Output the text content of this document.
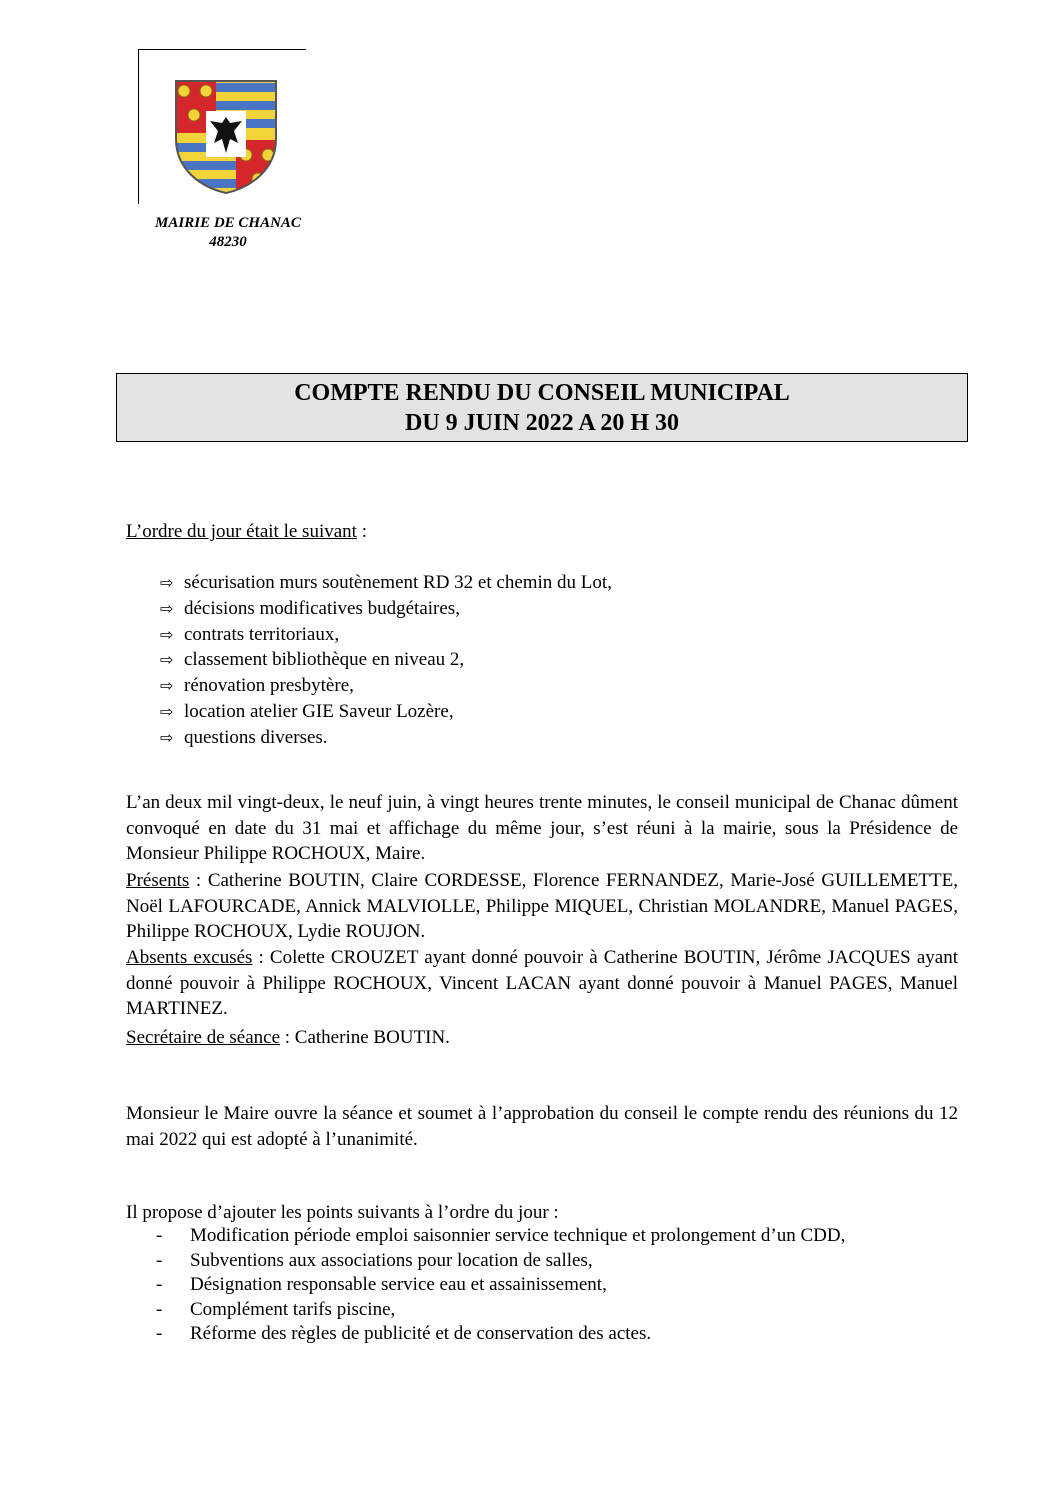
MAIRIE DE CHANAC
48230
COMPTE RENDU DU CONSEIL MUNICIPAL
DU 9 JUIN 2022 A 20 H 30
L’ordre du jour était le suivant :
⇨ sécurisation murs soutènement RD 32 et chemin du Lot,
⇨ décisions modificatives budgétaires,
⇨ contrats territoriaux,
⇨ classement bibliothèque en niveau 2,
⇨ rénovation presbytère,
⇨ location atelier GIE Saveur Lozère,
⇨ questions diverses.
L’an deux mil vingt-deux, le neuf juin, à vingt heures trente minutes, le conseil municipal de Chanac dûment convoqué en date du 31 mai et affichage du même jour, s’est réuni à la mairie, sous la Présidence de Monsieur Philippe ROCHOUX, Maire.
Présents : Catherine BOUTIN, Claire CORDESSE, Florence FERNANDEZ, Marie-José GUILLEMETTE, Noël LAFOURCADE, Annick MALVIOLLE, Philippe MIQUEL, Christian MOLANDRE, Manuel PAGES, Philippe ROCHOUX, Lydie ROUJON.
Absents excusés : Colette CROUZET ayant donné pouvoir à Catherine BOUTIN, Jérôme JACQUES ayant donné pouvoir à Philippe ROCHOUX, Vincent LACAN ayant donné pouvoir à Manuel PAGES, Manuel MARTINEZ.
Secrétaire de séance : Catherine BOUTIN.
Monsieur le Maire ouvre la séance et soumet à l’approbation du conseil le compte rendu des réunions du 12 mai 2022 qui est adopté à l’unanimité.
Il propose d’ajouter les points suivants à l’ordre du jour :
-	Modification période emploi saisonnier service technique et prolongement d’un CDD,
-	Subventions aux associations pour location de salles,
-	Désignation responsable service eau et assainissement,
-	Complément tarifs piscine,
-	Réforme des règles de publicité et de conservation des actes.
